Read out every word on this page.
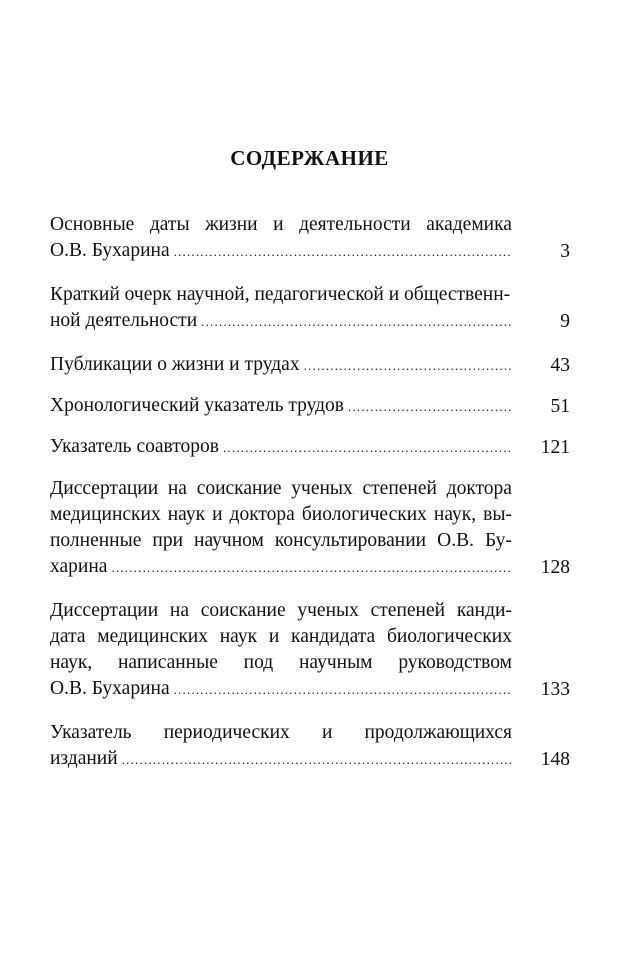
СОДЕРЖАНИЕ
Основные даты жизни и деятельности академика
О.В. Бухарина .....	3
Краткий очерк научной, педагогической и общественн-
ной деятельности .....	9
Публикации о жизни и трудах .....	43
Хронологический указатель трудов .....	51
Указатель соавторов .....	121
Диссертации на соискание ученых степеней доктора
медицинских наук и доктора биологических наук, вы-
полненные при научном консультировании О.В. Бу-
харина .....	128
Диссертации на соискание ученых степеней канди-
дата медицинских наук и кандидата биологических
наук, написанные под научным руководством
О.В. Бухарина .....	133
Указатель периодических и продолжающихся
изданий .....	148
